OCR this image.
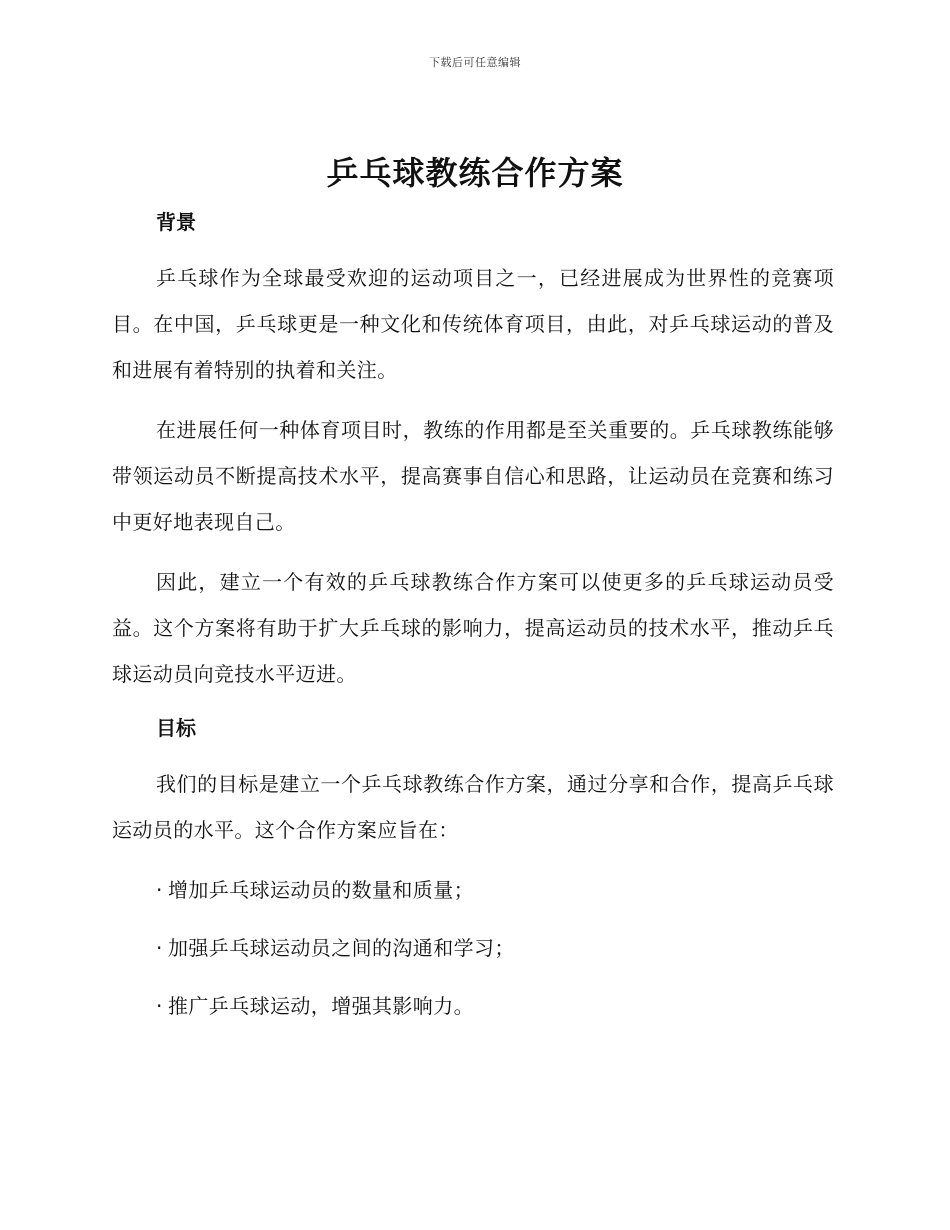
下载后可任意编辑
乒乓球教练合作方案
背景

乒乓球作为全球最受欢迎的运动项目之一，已经进展成为世界性的竞赛项目。在中国，乒乓球更是一种文化和传统体育项目，由此，对乒乓球运动的普及和进展有着特别的执着和关注。

在进展任何一种体育项目时，教练的作用都是至关重要的。乒乓球教练能够带领运动员不断提高技术水平，提高赛事自信心和思路，让运动员在竞赛和练习中更好地表现自己。

因此，建立一个有效的乒乓球教练合作方案可以使更多的乒乓球运动员受益。这个方案将有助于扩大乒乓球的影响力，提高运动员的技术水平，推动乒乓球运动员向竞技水平迈进。

目标

我们的目标是建立一个乒乓球教练合作方案，通过分享和合作，提高乒乓球运动员的水平。这个合作方案应旨在：

· 增加乒乓球运动员的数量和质量；
· 加强乒乓球运动员之间的沟通和学习；
· 推广乒乓球运动，增强其影响力。
